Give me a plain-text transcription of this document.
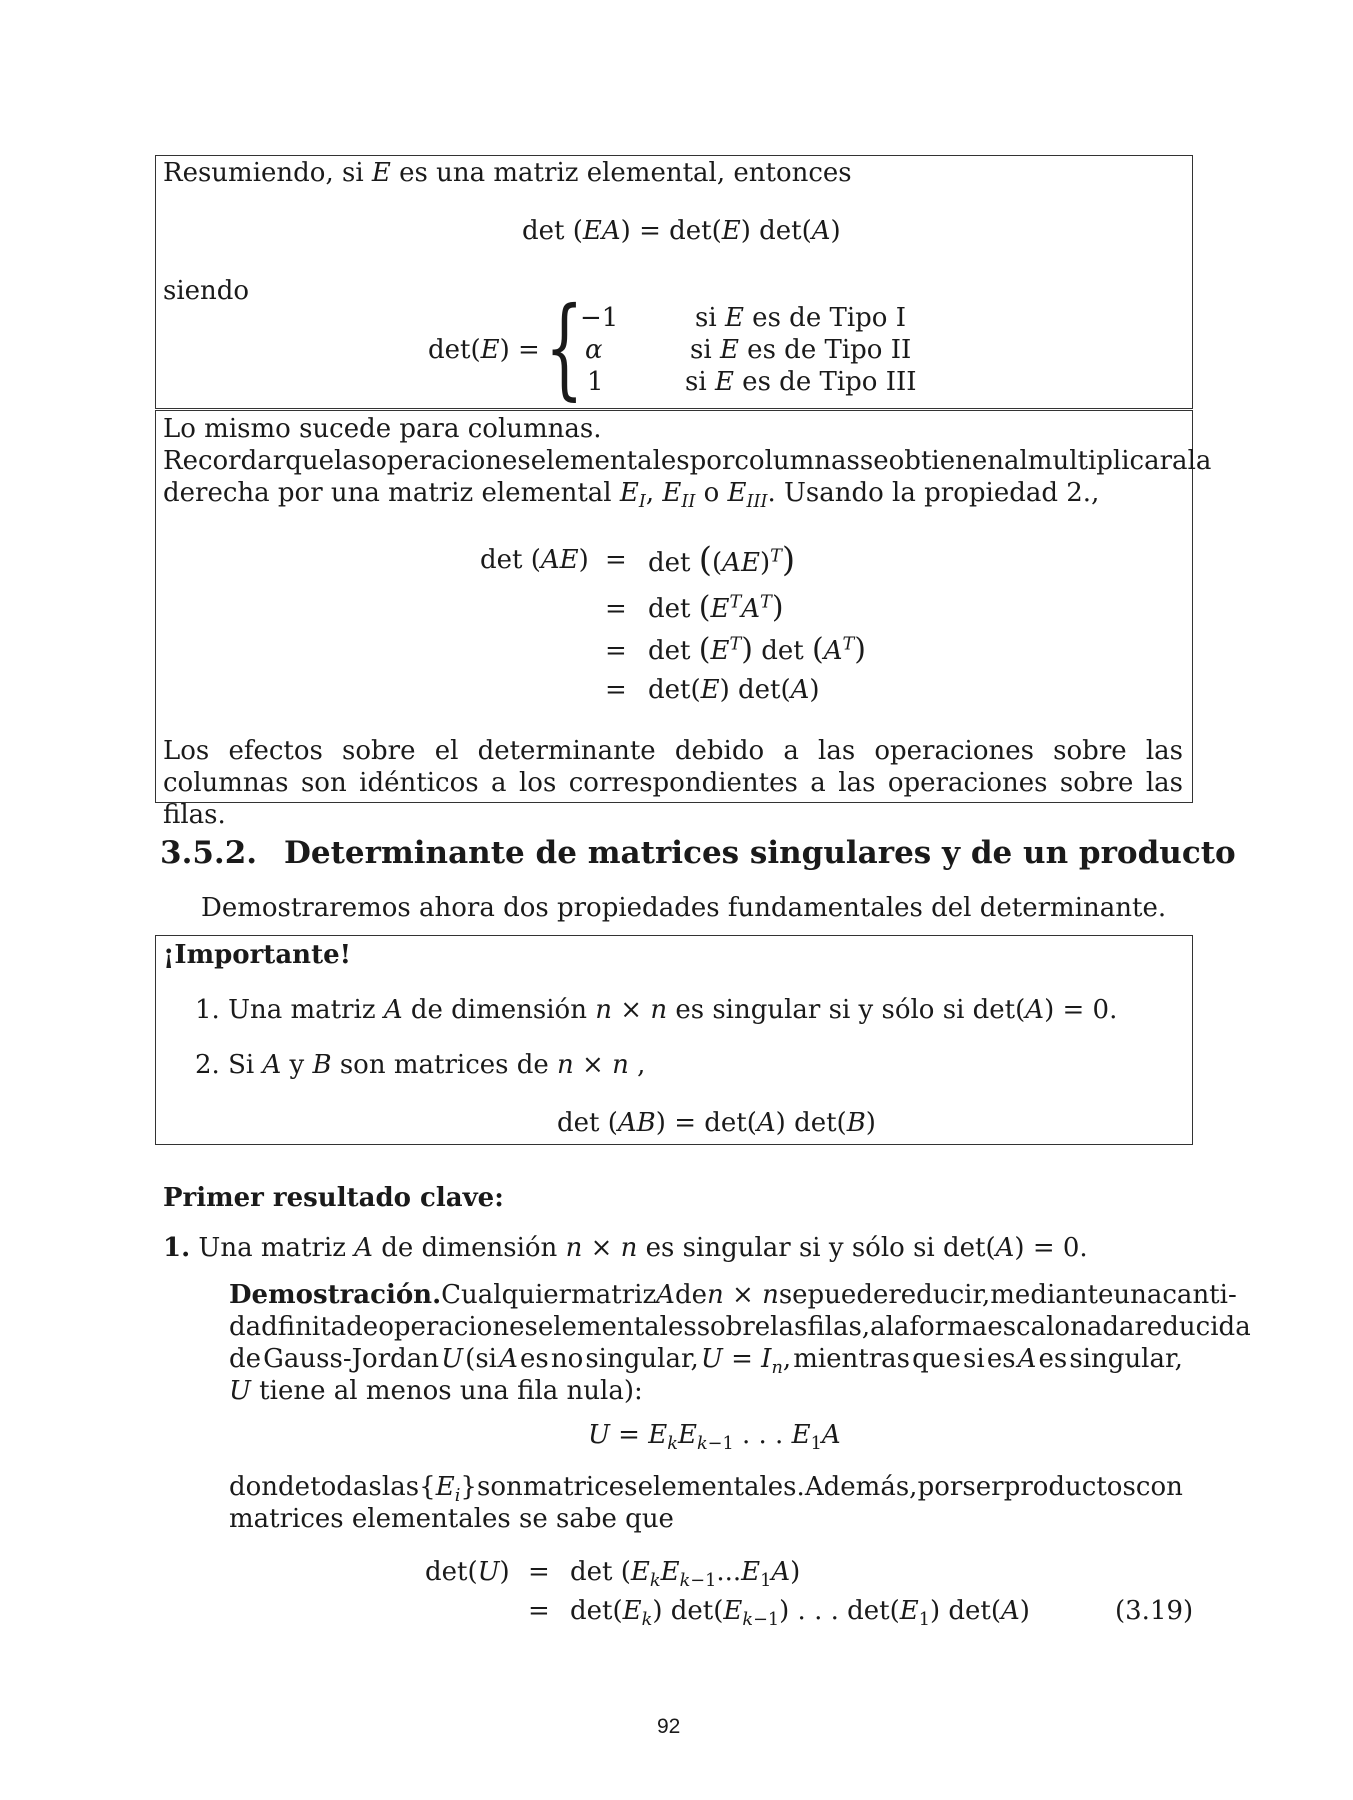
Resumiendo, si E es una matriz elemental, entonces
det (EA) = det(E) det(A)
siendo
det(E) = {
−1
α
1
si E es de Tipo I
si E es de Tipo II
si E es de Tipo III
Lo mismo sucede para columnas.
Recordar que las operaciones elementales por columnas se obtienen al multiplicar a la
derecha por una matriz elemental $E_I$, $E_{II}$ o $E_{III}$. Usando la propiedad 2.,
det (AE) = det ((AE)$^T$)
= $\det (E^TA^T)$
= $\det (E^T)$ $\det (A^T)$
= det(E) det(A)
Los efectos sobre el determinante debido a las operaciones sobre las columnas son idénticos a los correspondientes a las operaciones sobre las filas.
3.5.2. Determinante de matrices singulares y de un producto
Demostraremos ahora dos propiedades fundamentales del determinante.
¡Importante!
1. Una matriz A de dimensión n × n es singular si y sólo si det(A) = 0.
2. Si A y B son matrices de n × n ,
det (AB) = det(A) det(B)
Primer resultado clave:
1. Una matriz A de dimensión n × n es singular si y sólo si det(A) = 0.
Demostración. Cualquier matriz A de n × n se puede reducir, mediante una canti-
dad finita de operaciones elementales sobre las filas, a la forma escalonada reducida
de Gauss-Jordan U (si A es no singular, $U = I_n$, mientras que si es A es singular,
U tiene al menos una fila nula):
$U = E_kE_{k-1}$ . . . $E_1A$
donde todas las $\{E_i\}$ son matrices elementales. Además, por ser productos con
matrices elementales se sabe que
$\det(U) = \det (E_kE_{k-1}...E_1A)$
= $\det(E_k)$ $\det(E_{k-1})$ . . . $\det(E_1)$ det(A)	(3.19)
92
